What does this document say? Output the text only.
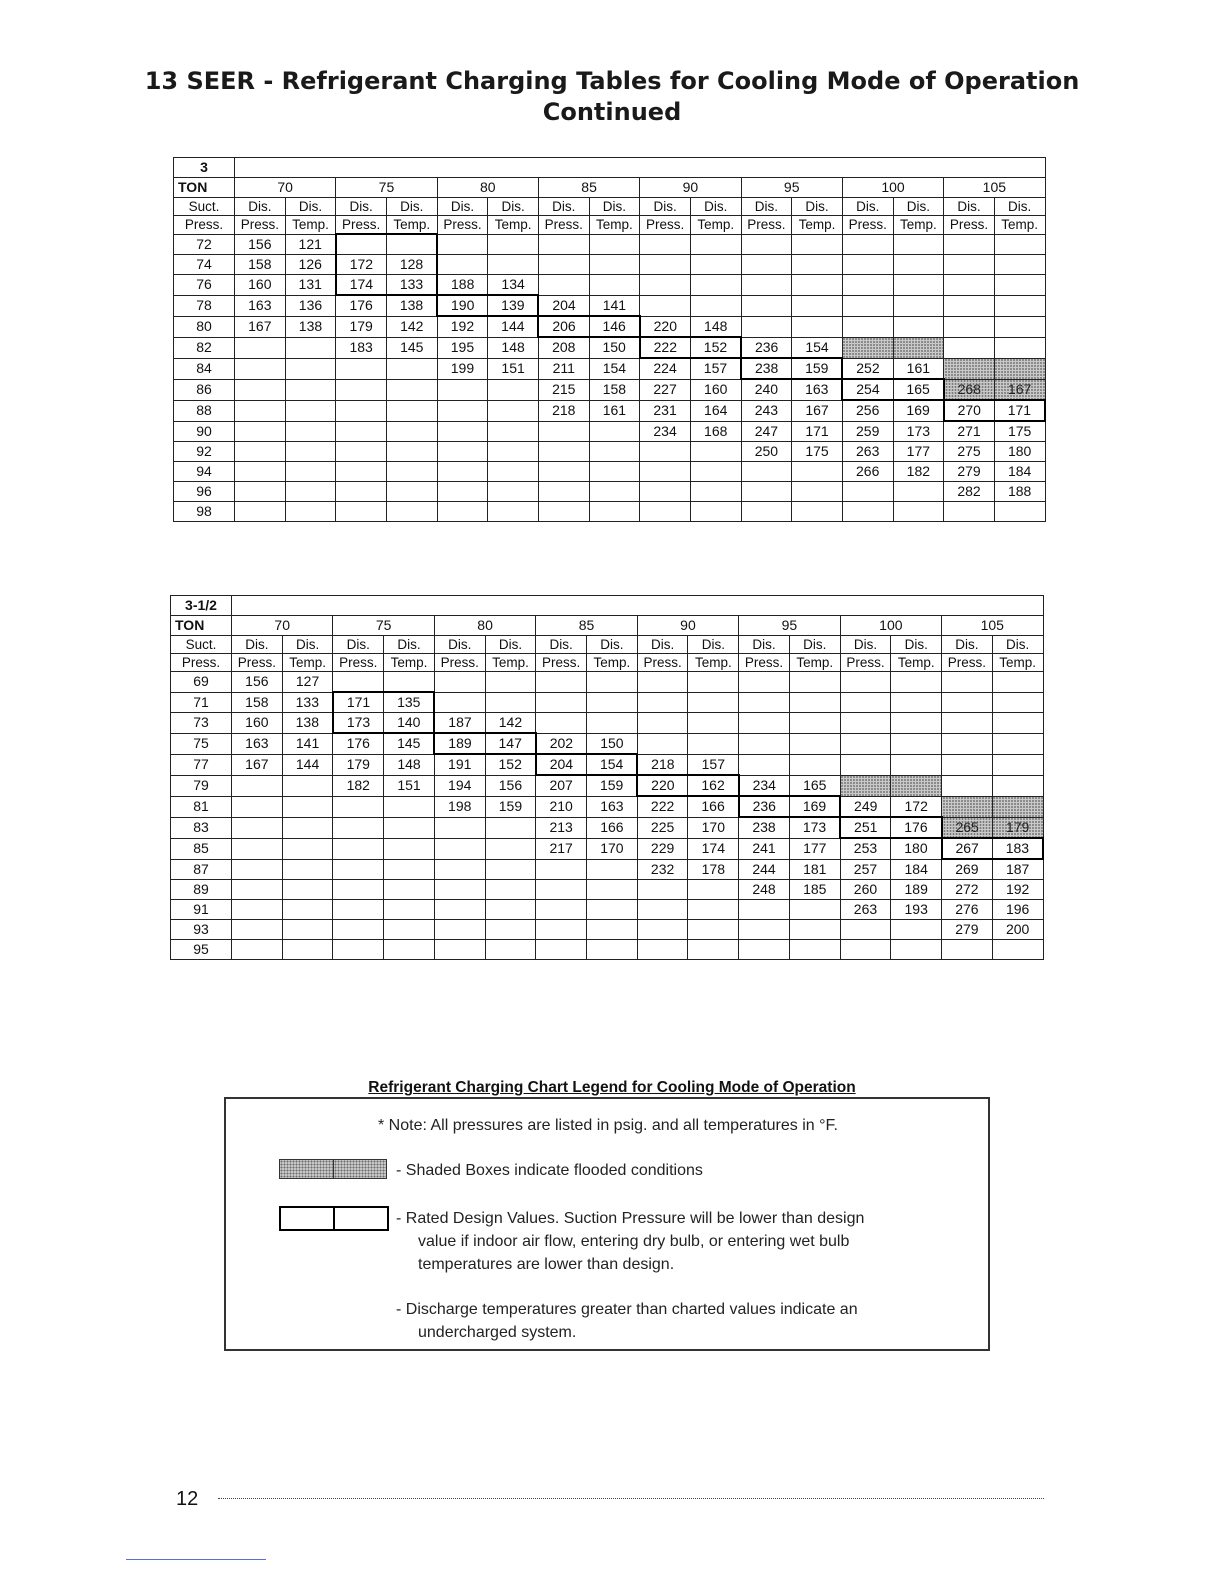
13 SEER - Refrigerant Charging Tables for Cooling Mode of Operation
Continued
3																
TON	70		75		80		85		90		95		100		105	
Suct.	Dis.	Dis.	Dis.	Dis.	Dis.	Dis.	Dis.	Dis.	Dis.	Dis.	Dis.	Dis.	Dis.	Dis.	Dis.	Dis.
Press.	Press.	Temp.	Press.	Temp.	Press.	Temp.	Press.	Temp.	Press.	Temp.	Press.	Temp.	Press.	Temp.	Press.	Temp.
72	156	121														
74	158	126	172	128												
76	160	131	174	133	188	134										
78	163	136	176	138	190	139	204	141								
80	167	138	179	142	192	144	206	146	220	148						
82			183	145	195	148	208	150	222	152	236	154				
84					199	151	211	154	224	157	238	159	252	161		
86							215	158	227	160	240	163	254	165	268	167
88							218	161	231	164	243	167	256	169	270	171
90									234	168	247	171	259	173	271	175
92											250	175	263	177	275	180
94													266	182	279	184
96															282	188
98																
3-1/2																
TON	70		75		80		85		90		95		100		105	
Suct.	Dis.	Dis.	Dis.	Dis.	Dis.	Dis.	Dis.	Dis.	Dis.	Dis.	Dis.	Dis.	Dis.	Dis.	Dis.	Dis.
Press.	Press.	Temp.	Press.	Temp.	Press.	Temp.	Press.	Temp.	Press.	Temp.	Press.	Temp.	Press.	Temp.	Press.	Temp.
69	156	127														
71	158	133	171	135												
73	160	138	173	140	187	142										
75	163	141	176	145	189	147	202	150								
77	167	144	179	148	191	152	204	154	218	157						
79			182	151	194	156	207	159	220	162	234	165				
81					198	159	210	163	222	166	236	169	249	172		
83							213	166	225	170	238	173	251	176	265	179
85							217	170	229	174	241	177	253	180	267	183
87									232	178	244	181	257	184	269	187
89											248	185	260	189	272	192
91													263	193	276	196
93															279	200
95																
Refrigerant Charging Chart Legend for Cooling Mode of Operation
* Note: All pressures are listed in psig. and all temperatures in °F.
- Shaded Boxes indicate flooded conditions
- Rated Design Values. Suction Pressure will be lower than design
value if indoor air flow, entering dry bulb, or entering wet bulb
temperatures are lower than design.
- Discharge temperatures greater than charted values indicate an
undercharged system.
12
